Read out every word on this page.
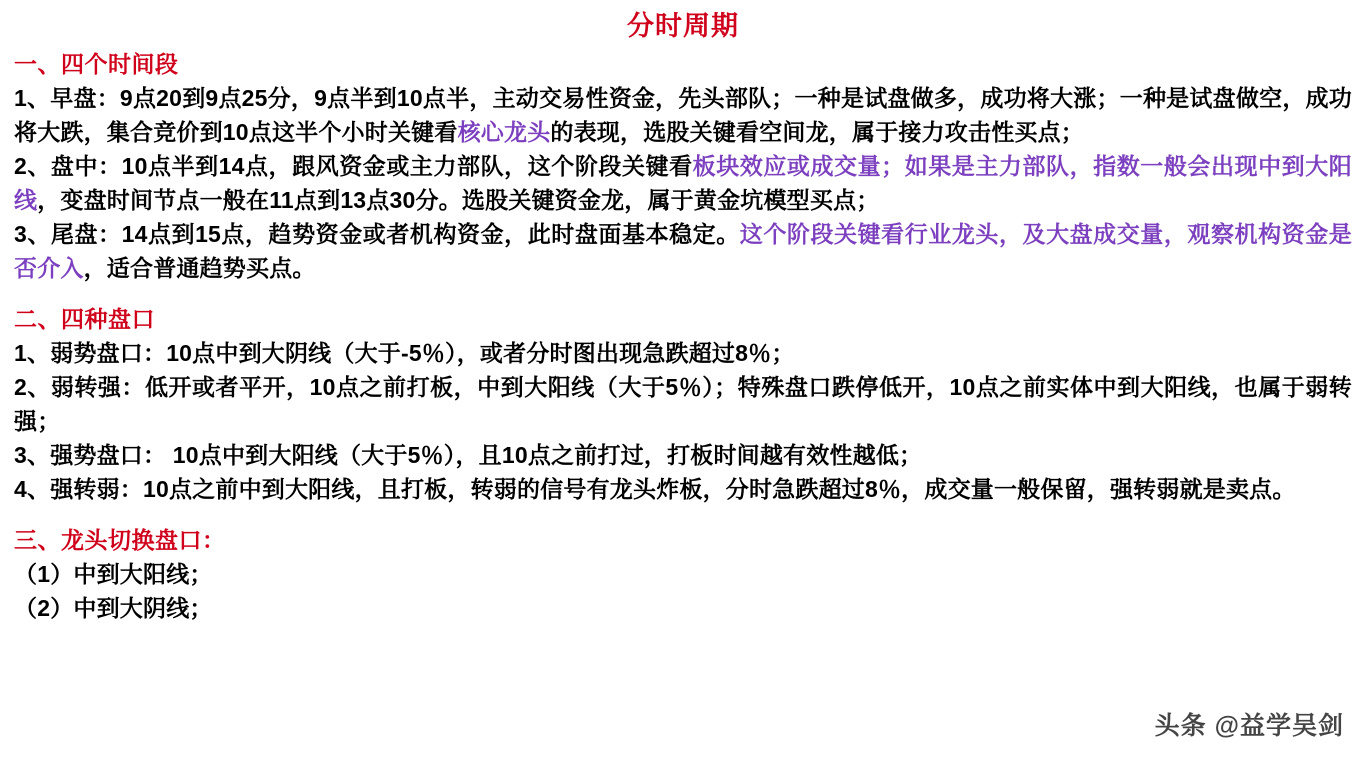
分时周期
一、四个时间段

1、早盘：9点20到9点25分，9点半到10点半，主动交易性资金，先头部队；一种是试盘做多，成功将大涨；一种是试盘做空，成功将大跌，集合竞价到10点这半个小时关键看核心龙头的表现，选股关键看空间龙，属于接力攻击性买点；

2、盘中：10点半到14点，跟风资金或主力部队，这个阶段关键看板块效应或成交量；如果是主力部队，指数一般会出现中到大阳线，变盘时间节点一般在11点到13点30分。选股关键资金龙，属于黄金坑模型买点；

3、尾盘：14点到15点，趋势资金或者机构资金，此时盘面基本稳定。这个阶段关键看行业龙头，及大盘成交量，观察机构资金是否介入，适合普通趋势买点。

二、四种盘口

1、弱势盘口：10点中到大阴线（大于-5％），或者分时图出现急跌超过8％；

2、弱转强：低开或者平开，10点之前打板，中到大阳线（大于5％）；特殊盘口跌停低开，10点之前实体中到大阳线，也属于弱转强；

3、强势盘口： 10点中到大阳线（大于5％），且10点之前打过，打板时间越有效性越低；

4、强转弱：10点之前中到大阳线，且打板，转弱的信号有龙头炸板，分时急跌超过8％，成交量一般保留，强转弱就是卖点。

三、龙头切换盘口：

（1）中到大阳线；

（2）中到大阴线；

头条 @益学吴剑
